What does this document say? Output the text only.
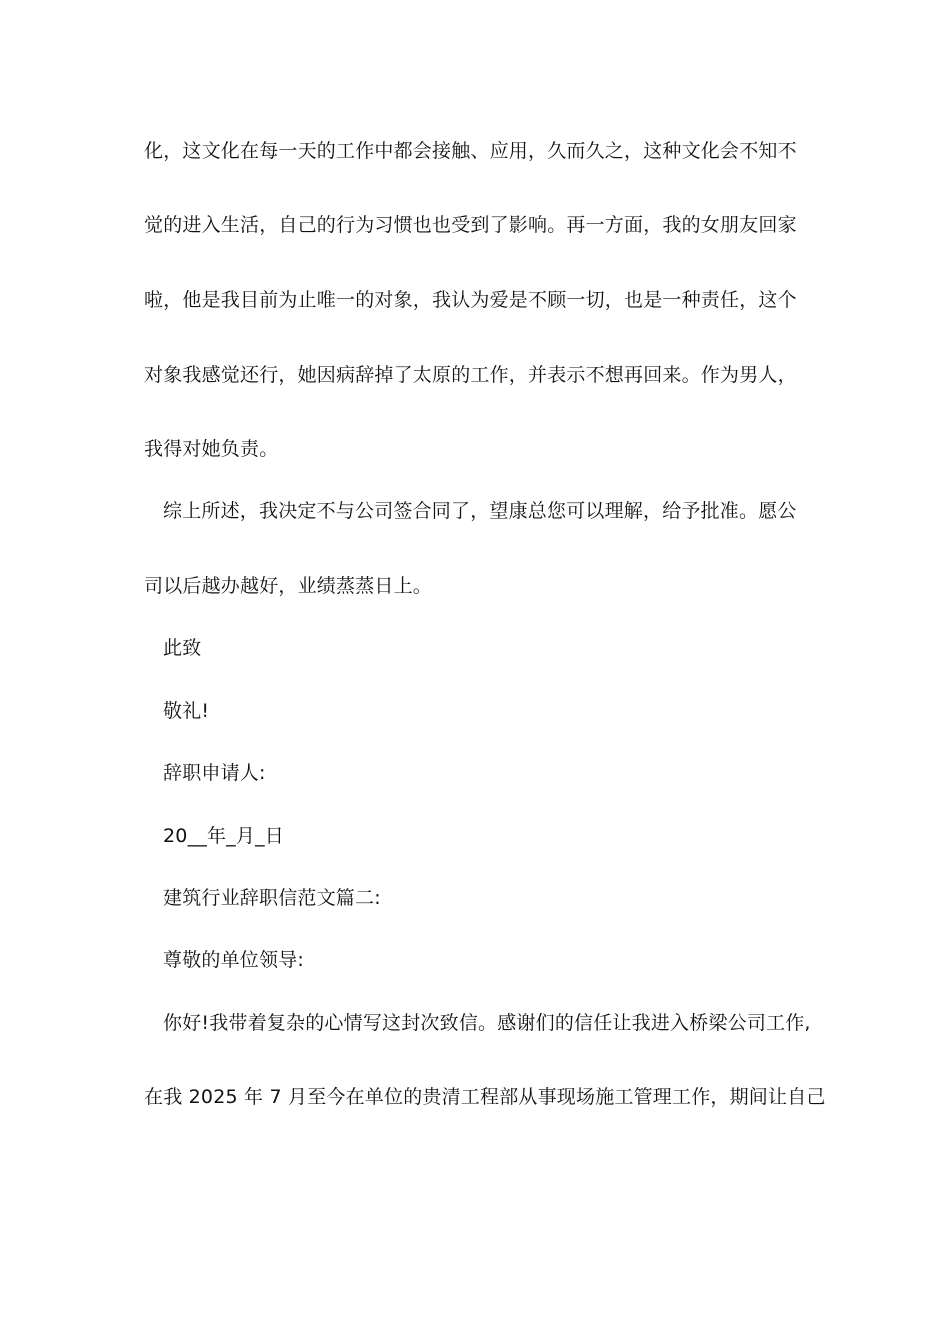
化，这文化在每一天的工作中都会接触、应用，久而久之，这种文化会不知不
觉的进入生活，自己的行为习惯也也受到了影响。再一方面，我的女朋友回家
啦，他是我目前为止唯一的对象，我认为爱是不顾一切，也是一种责任，这个
对象我感觉还行，她因病辞掉了太原的工作，并表示不想再回来。作为男人，
我得对她负责。
综上所述，我决定不与公司签合同了，望康总您可以理解，给予批准。愿公
司以后越办越好，业绩蒸蒸日上。
此致
敬礼!
辞职申请人:
20__年_月_日
建筑行业辞职信范文篇二:
尊敬的单位领导:
你好!我带着复杂的心情写这封次致信。感谢们的信任让我进入桥梁公司工作,
在我 2025 年 7 月至今在单位的贵清工程部从事现场施工管理工作，期间让自己
